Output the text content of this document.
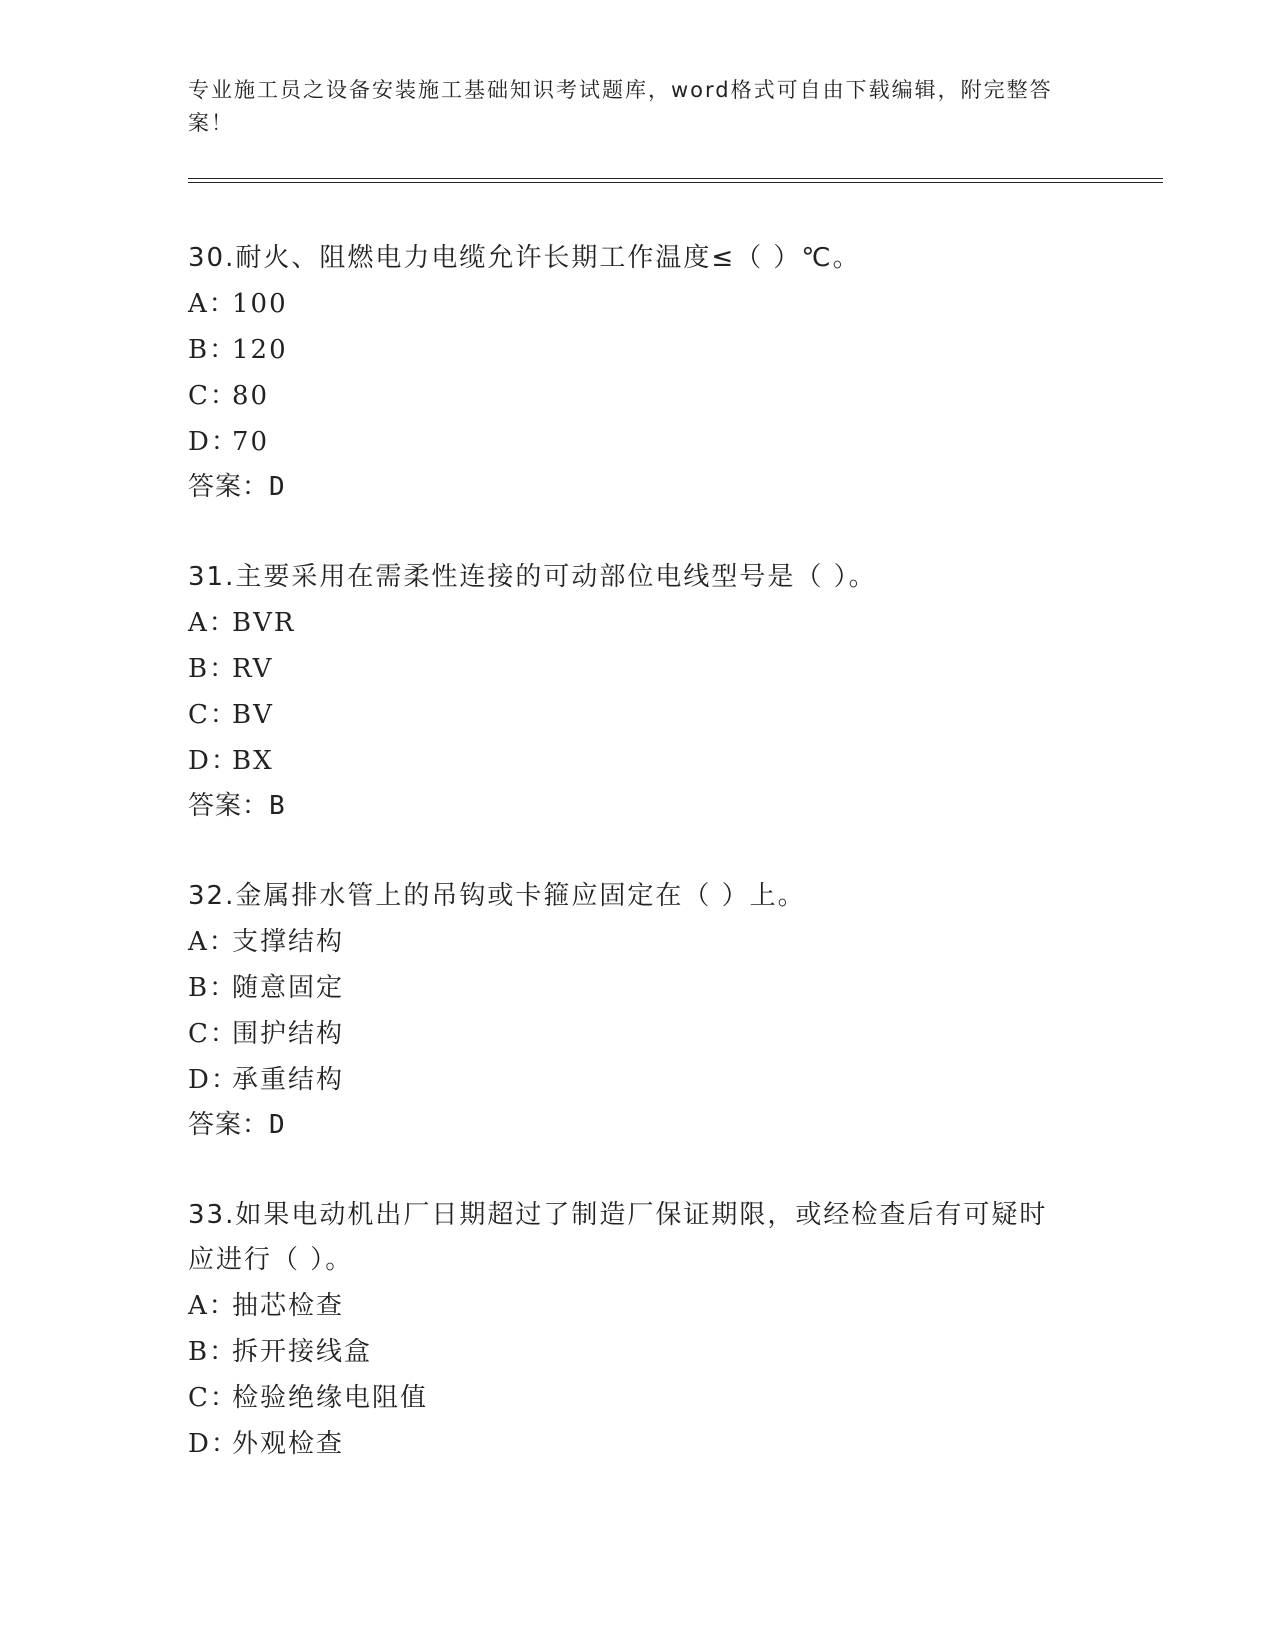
专业施工员之设备安装施工基础知识考试题库，word格式可自由下载编辑，附完整答案！

30.耐火、阻燃电力电缆允许长期工作温度≤（ ）℃。

A：100

B：120

C：80

D：70

答案：D

31.主要采用在需柔性连接的可动部位电线型号是（ ）。

A：BVR

B：RV

C：BV

D：BX

答案：B

32.金属排水管上的吊钩或卡箍应固定在（ ）上。

A：支撑结构

B：随意固定

C：围护结构

D：承重结构

答案：D

33.如果电动机出厂日期超过了制造厂保证期限，或经检查后有可疑时应进行（ ）。

A：抽芯检查

B：拆开接线盒

C：检验绝缘电阻值

D：外观检查
